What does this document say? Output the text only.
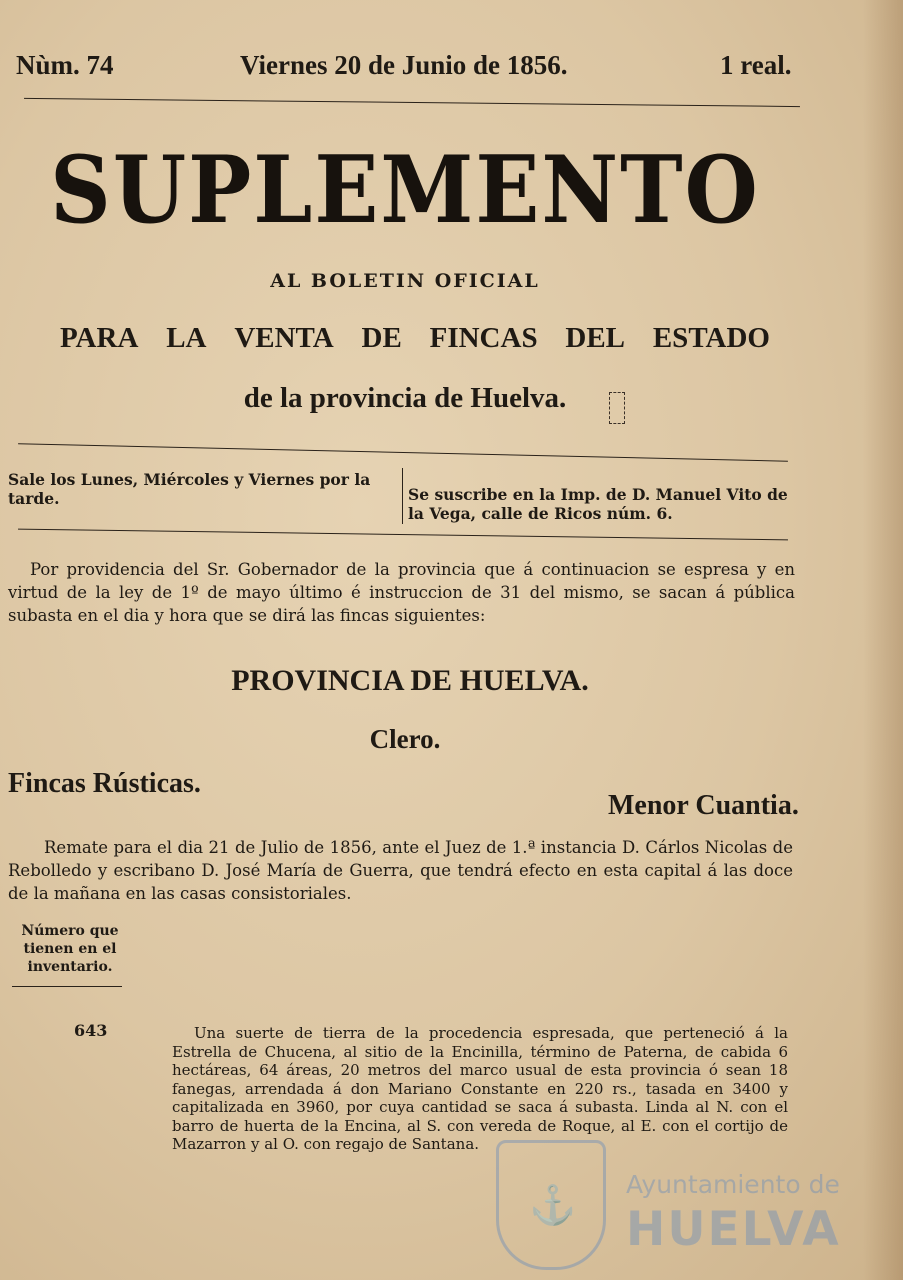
Nùm. 74	Viernes 20 de Junio de 1856.	1 real.
SUPLEMENTO
AL BOLETIN OFICIAL
PARA LA VENTA DE FINCAS DEL ESTADO
de la provincia de Huelva.
Sale los Lunes, Miércoles y Viernes por la tarde.	Se suscribe en la Imp. de D. Manuel Vito de la Vega, calle de Ricos núm. 6.
Por providencia del Sr. Gobernador de la provincia que á continuacion se espresa y en virtud de la ley de 1º de mayo último é instruccion de 31 del mismo, se sacan á pública subasta en el dia y hora que se dirá las fincas siguientes:
PROVINCIA DE HUELVA.
Clero.
Fincas Rústicas.
Menor Cuantia.
Remate para el dia 21 de Julio de 1856, ante el Juez de 1.ª instancia D. Cárlos Nicolas de Rebolledo y escribano D. José María de Guerra, que tendrá efecto en esta capital á las doce de la mañana en las casas consistoriales.
Número que tienen en el inventario.
643	Una suerte de tierra de la procedencia espresada, que perteneció á la Estrella de Chucena, al sitio de la Encinilla, término de Paterna, de cabida 6 hectáreas, 64 áreas, 20 metros del marco usual de esta provincia ó sean 18 fanegas, arrendada á don Mariano Constante en 220 rs., tasada en 3400 y capitalizada en 3960, por cuya cantidad se saca á subasta. Linda al N. con el barro de huerta de la Encina, al S. con vereda de Roque, al E. con el cortijo de Mazarron y al O. con regajo de Santana.
⚓ Ayuntamiento de
HUELVA
